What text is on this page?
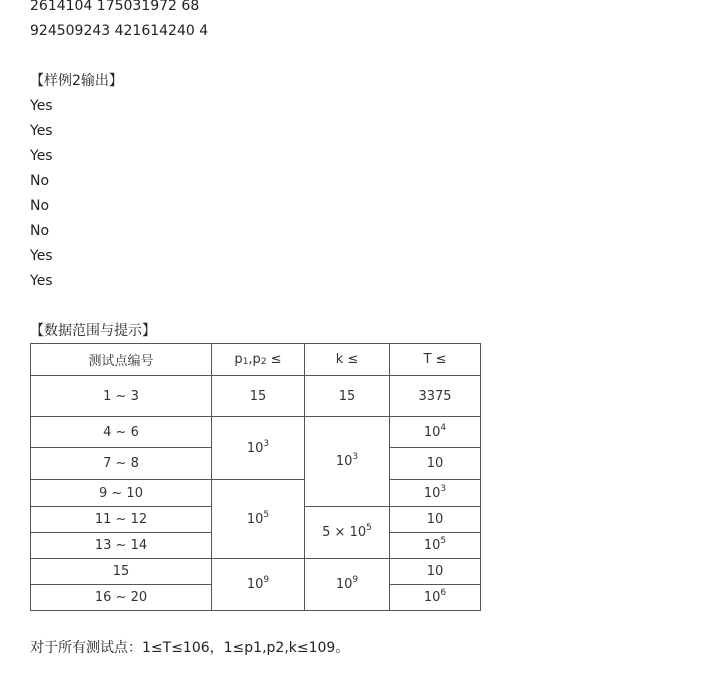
2614104 175031972 68
924509243 421614240 4
【样例2输出】
Yes
Yes
Yes
No
No
No
Yes
Yes
【数据范围与提示】
测试点编号	$p_1,p_2$ ≤	k ≤	T ≤
1 ~ 3	15	15	3375
4 ~ 6	$10^3$	$10^3$	$10^4$
7 ~ 8			10
9 ~ 10	$10^5$		$10^3$
11 ~ 12		$5 \times 10^5$	10
13 ~ 14			$10^5$
15	$10^9$	$10^9$	10
16 ~ 20			$10^6$
对于所有测试点：1≤T≤106，1≤p1,p2,k≤109。
